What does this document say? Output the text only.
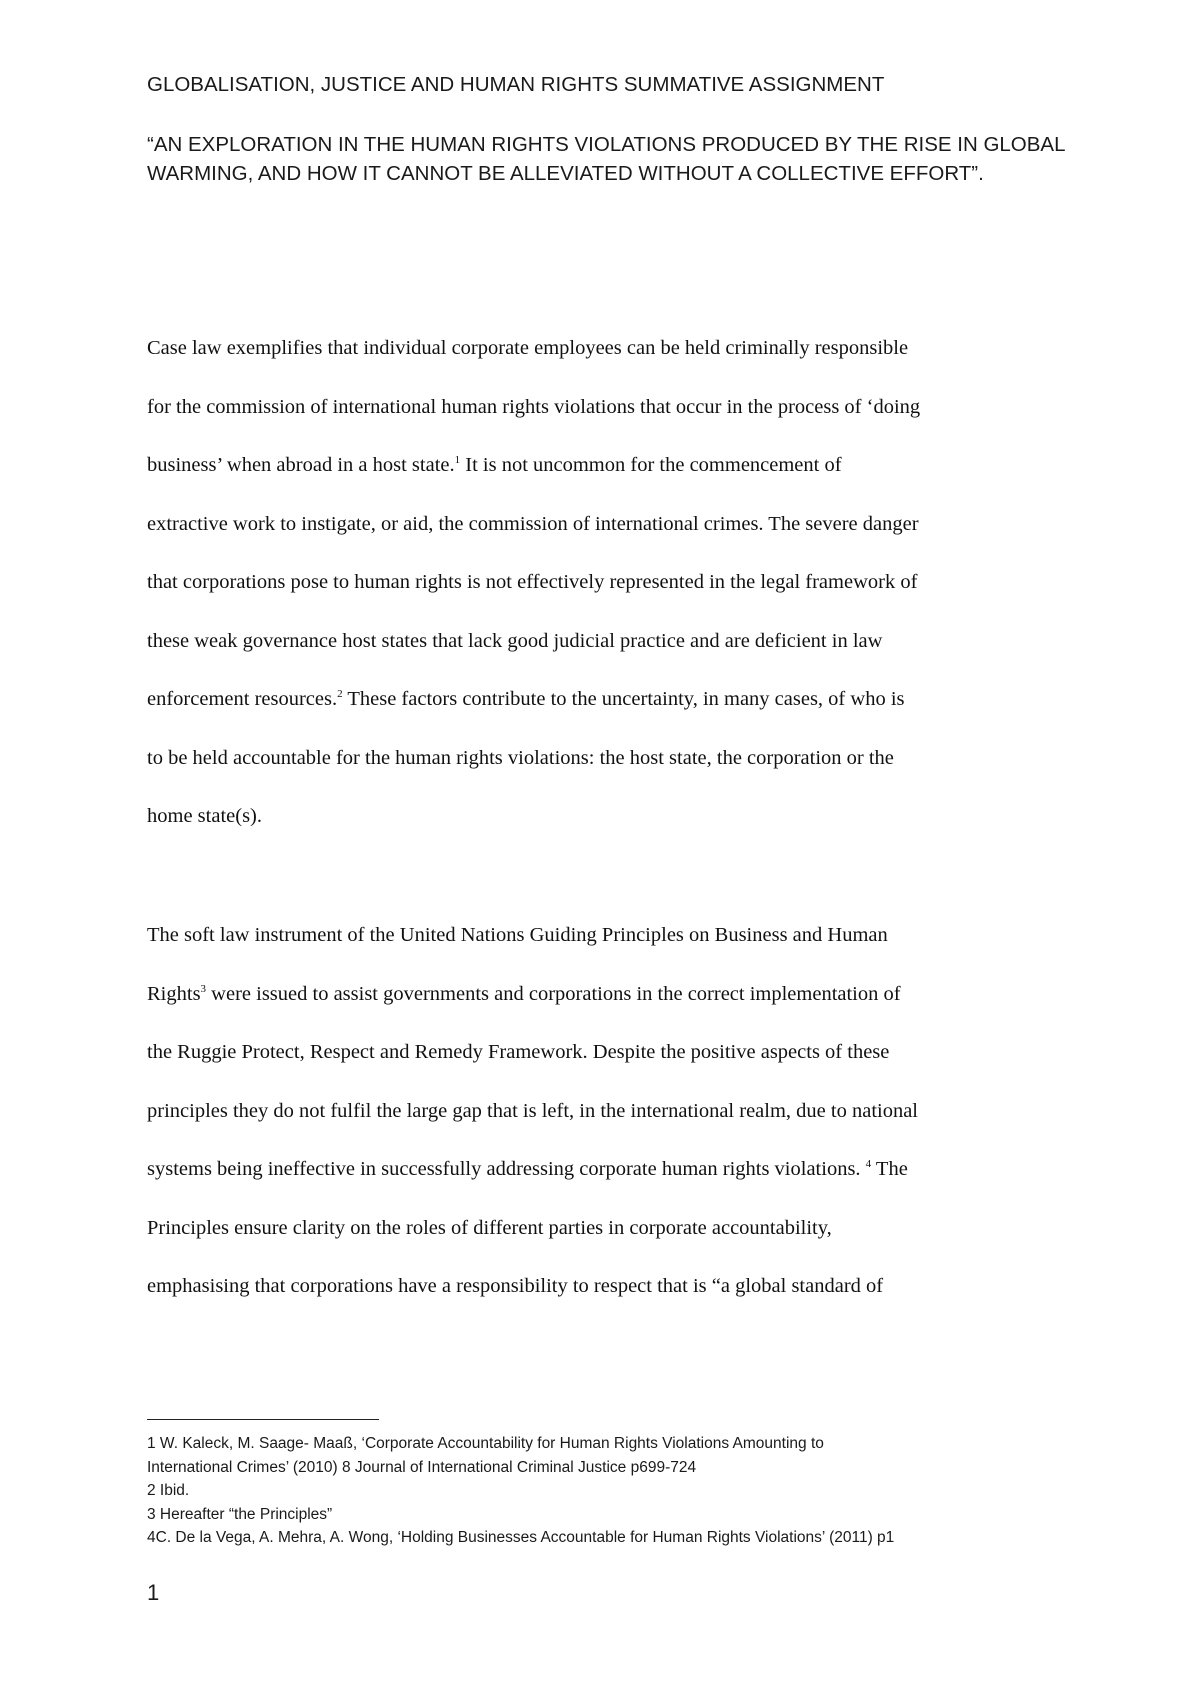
GLOBALISATION, JUSTICE AND HUMAN RIGHTS SUMMATIVE ASSIGNMENT
“AN EXPLORATION IN THE HUMAN RIGHTS VIOLATIONS PRODUCED BY THE RISE IN GLOBAL WARMING, AND HOW IT CANNOT BE ALLEVIATED WITHOUT A COLLECTIVE EFFORT”.
Case law exemplifies that individual corporate employees can be held criminally responsible
for the commission of international human rights violations that occur in the process of ‘doing
business’ when abroad in a host state.$^1$ It is not uncommon for the commencement of
extractive work to instigate, or aid, the commission of international crimes. The severe danger
that corporations pose to human rights is not effectively represented in the legal framework of
these weak governance host states that lack good judicial practice and are deficient in law
enforcement resources.$^2$ These factors contribute to the uncertainty, in many cases, of who is
to be held accountable for the human rights violations: the host state, the corporation or the
home state(s).
The soft law instrument of the United Nations Guiding Principles on Business and Human
Rights$^3$ were issued to assist governments and corporations in the correct implementation of
the Ruggie Protect, Respect and Remedy Framework. Despite the positive aspects of these
principles they do not fulfil the large gap that is left, in the international realm, due to national
systems being ineffective in successfully addressing corporate human rights violations. $^4$ The
Principles ensure clarity on the roles of different parties in corporate accountability,
emphasising that corporations have a responsibility to respect that is “a global standard of
1 W. Kaleck, M. Saage- Maaß, ‘Corporate Accountability for Human Rights Violations Amounting to
International Crimes’ (2010) 8 Journal of International Criminal Justice p699-724
2 Ibid.
3 Hereafter “the Principles”
4C. De la Vega, A. Mehra, A. Wong, ‘Holding Businesses Accountable for Human Rights Violations’ (2011) p1
1
